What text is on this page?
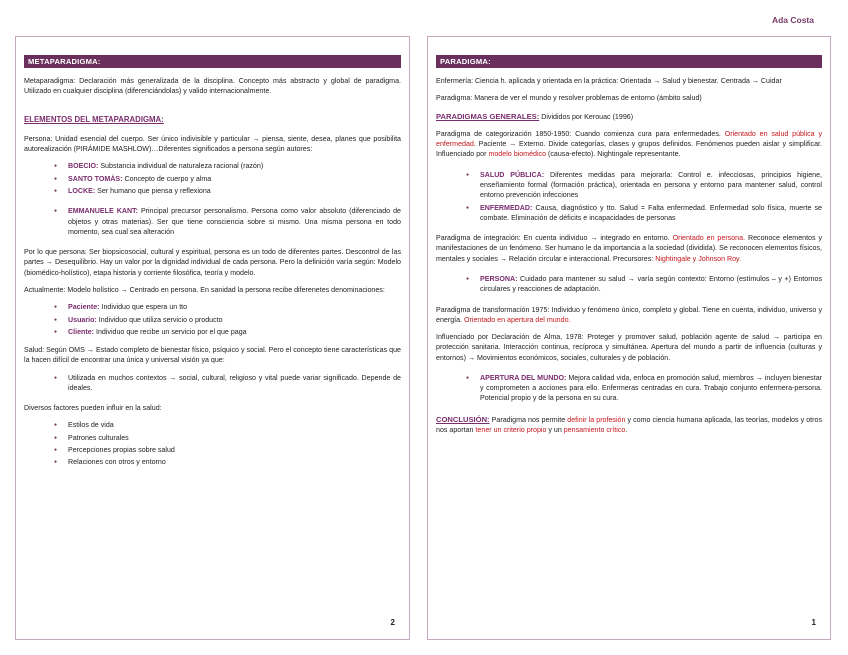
Ada Costa
METAPARADIGMA:

Metaparadigma: Declaración más generalizada de la disciplina. Concepto más abstracto y global de paradigma. Utilizado en cualquier disciplina (diferenciándolas) y valido internacionalmente.

ELEMENTOS DEL METAPARADIGMA:

Persona: Unidad esencial del cuerpo. Ser único indivisible y particular → piensa, siente, desea, planes que posibilita autorealización (PIRÁMIDE MASHLOW)…Diferentes significados a persona según autores:

● BOECIO: Substancia individual de naturaleza racional (razón)
● SANTO TOMÁS: Concepto de cuerpo y alma
● LOCKE: Ser humano que piensa y reflexiona
● EMMANUELE KANT: Principal precursor personalismo. Persona como valor absoluto (diferenciado de objetos y otras materias). Ser que tiene consciencia sobre si mismo. Una misma persona en todo momento, sea cual sea alteración

Por lo que persona: Ser biopsicosocial, cultural y espiritual, persona es un todo de diferentes partes. Descontrol de las partes → Desequilibrio. Hay un valor por la dignidad individual de cada persona. Pero la definición varía según: Modelo (biomédico-holístico), etapa historia y corriente filosófica, teoría y modelo.

Actualmente: Modelo holístico → Centrado en persona. En sanidad la persona recibe diferenetes denominaciones:

● Paciente: Individuo que espera un tto
● Usuario: Individuo que utiliza servicio o producto
● Cliente: Individuo que recibe un servicio por el que paga

Salud: Según OMS → Estado completo de bienestar físico, psíquico y social. Pero el concepto tiene características que la hacen difícil de encontrar una única y universal visión ya que:

● Utilizada en muchos contextos → social, cultural, religioso y vital puede variar significado. Depende de ideales.

Diversos factores pueden influir en la salud:

● Estilos de vida
● Patrones culturales
● Percepciones propias sobre salud
● Relaciones con otros y entorno
2
PARADIGMA:

Enfermería: Ciencia h. aplicada y orientada en la práctica: Orientada → Salud y bienestar. Centrada → Cuidar

Paradigma: Manera de ver el mundo y resolver problemas de entorno (ámbito salud)

PARADIGMAS GENERALES: Divididos por Kerouac (1996)

Paradigma de categorización 1850-1950: Cuando comienza cura para enfermedades. Orientado en salud pública y enfermedad. Paciente → Externo. Divide categorías, clases y grupos definidos. Fenómenos pueden aislar y simplificar. Influenciado por modelo biomédico (causa-efecto). Nightingale representante.

● SALUD PÚBLICA: Diferentes medidas para mejorarla: Control e. infecciosas, principios higiene, enseñamiento formal (formación práctica), orientada en persona y entorno para mantener salud, control entorno prevención infecciones
● ENFERMEDAD: Causa, diagnóstico y tto. Salud = Falta enfermedad. Enfermedad solo física, muerte se combate. Eliminación de déficits e incapacidades de personas

Paradigma de integración: En cuenta individuo → integrado en entorno. Orientado en persona. Reconoce elementos y manifestaciones de un fenómeno. Ser humano le da importancia a la sociedad (dividida). Se reconocen elementos físicos, mentales y sociales → Relación circular e interaccional. Precursores: Nightingale y Johnson Roy.

● PERSONA: Cuidado para mantener su salud → varía según contexto: Entorno (estímulos – y +) Entornos circulares y reacciones de adaptación.

Paradigma de transformación 1975: Individuo y fenómeno único, completo y global. Tiene en cuenta, individuo, universo y energía. Orientado en apertura del mundo.

Influenciado por Declaración de Alma, 1978: Proteger y promover salud, población agente de salud → participa en protección sanitaria. Interacción continua, recíproca y simultánea. Apertura del mundo a partir de influencia (culturas y entornos) → Movimientos económicos, sociales, culturales y de población.

● APERTURA DEL MUNDO: Mejora calidad vida, enfoca en promoción salud, miembros → incluyen bienestar y comprometen a acciones para ello. Enfermeras centradas en cura. Trabajo conjunto enfermera-persona. Potencial propio y de la persona en su cura.

CONCLUSIÓN: Paradigma nos permite definir la profesión y como ciencia humana aplicada, las teorías, modelos y otros nos aportan tener un criterio propio y un pensamiento crítico.

1
